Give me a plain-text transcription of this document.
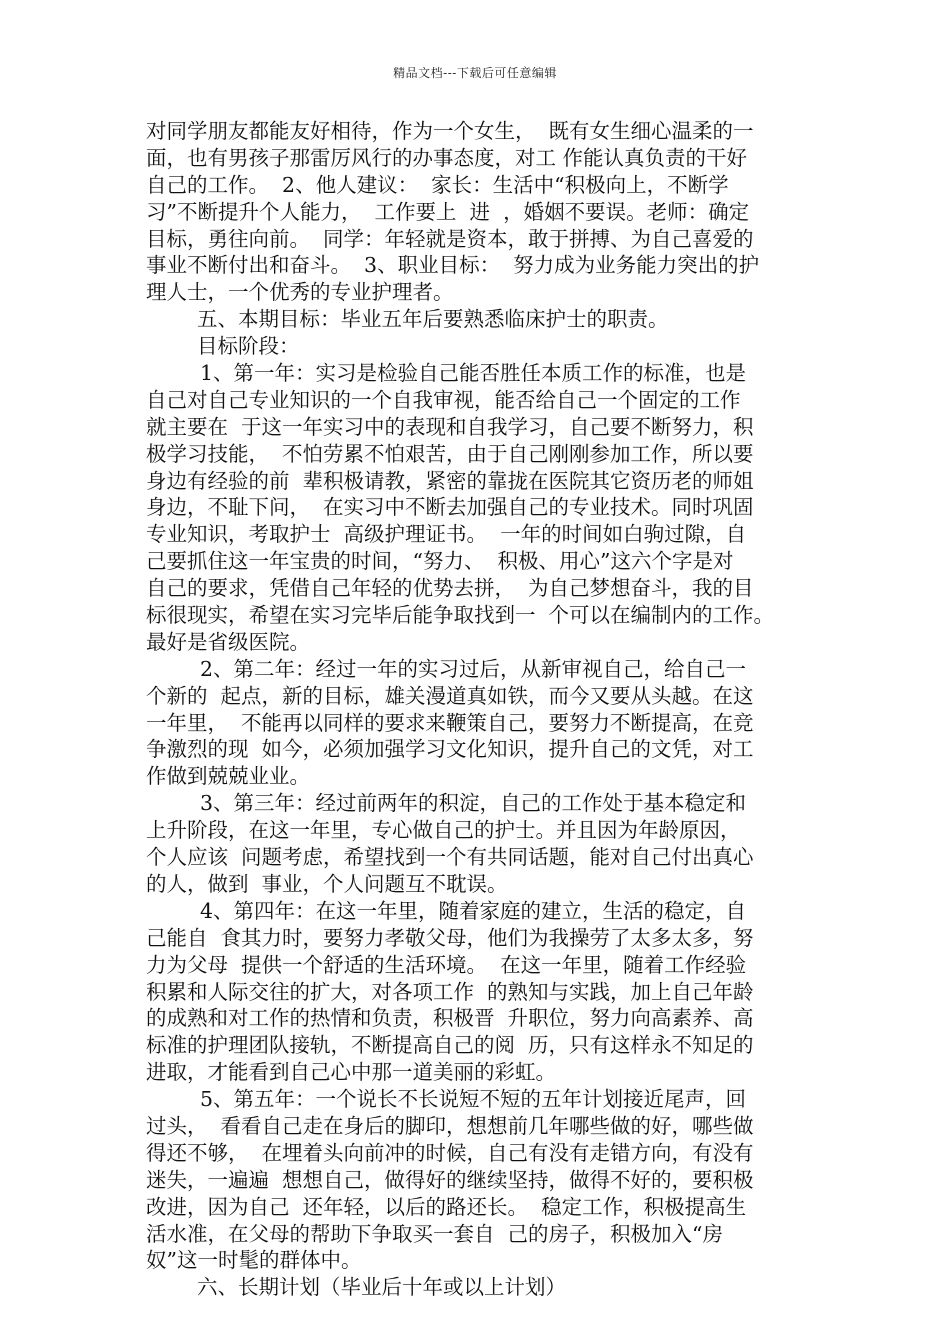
精品文档---下载后可任意编辑
对同学朋友都能友好相待，作为一个女生，  既有女生细心温柔的一
面，也有男孩子那雷厉风行的办事态度，对工 作能认真负责的干好
自己的工作。  2、他人建议：  家长：生活中“积极向上，不断学
习”不断提升个人能力，  工作要上  进  ，婚姻不要误。老师：确定
目标，勇往向前。  同学：年轻就是资本，敢于拼搏、为自己喜爱的
事业不断付出和奋斗。  3、职业目标：  努力成为业务能力突出的护
理人士，一个优秀的专业护理者。
五、本期目标：毕业五年后要熟悉临床护士的职责。
目标阶段：
1、第一年：实习是检验自己能否胜任本质工作的标准，也是
自己对自己专业知识的一个自我审视，能否给自己一个固定的工作
就主要在  于这一年实习中的表现和自我学习，自己要不断努力，积
极学习技能，  不怕劳累不怕艰苦，由于自己刚刚参加工作，所以要
身边有经验的前  辈积极请教，紧密的靠拢在医院其它资历老的师姐
身边，不耻下问，  在实习中不断去加强自己的专业技术。同时巩固
专业知识，考取护士  高级护理证书。  一年的时间如白驹过隙，自
己要抓住这一年宝贵的时间，“努力、  积极、用心”这六个字是对
自己的要求，凭借自己年轻的优势去拼，  为自己梦想奋斗，我的目
标很现实，希望在实习完毕后能争取找到一  个可以在编制内的工作。
最好是省级医院。
2、第二年：经过一年的实习过后，从新审视自己，给自己一
个新的  起点，新的目标，雄关漫道真如铁，而今又要从头越。在这
一年里，  不能再以同样的要求来鞭策自己，要努力不断提高，在竞
争激烈的现  如今，必须加强学习文化知识，提升自己的文凭，对工
作做到兢兢业业。
3、第三年：经过前两年的积淀，自己的工作处于基本稳定和
上升阶段，在这一年里，专心做自己的护士。并且因为年龄原因，
个人应该  问题考虑，希望找到一个有共同话题，能对自己付出真心
的人，做到  事业，个人问题互不耽误。
4、第四年：在这一年里，随着家庭的建立，生活的稳定，自
己能自  食其力时，要努力孝敬父母，他们为我操劳了太多太多，努
力为父母  提供一个舒适的生活环境。  在这一年里，随着工作经验
积累和人际交往的扩大，对各项工作  的熟知与实践，加上自己年龄
的成熟和对工作的热情和负责，积极晋  升职位，努力向高素养、高
标准的护理团队接轨，不断提高自己的阅  历，只有这样永不知足的
进取，才能看到自己心中那一道美丽的彩虹。
5、第五年：一个说长不长说短不短的五年计划接近尾声，回
过头，  看看自己走在身后的脚印，想想前几年哪些做的好，哪些做
得还不够，  在埋着头向前冲的时候，自己有没有走错方向，有没有
迷失，一遍遍  想想自己，做得好的继续坚持，做得不好的，要积极
改进，因为自己  还年轻，以后的路还长。  稳定工作，积极提高生
活水准，在父母的帮助下争取买一套自  己的房子，积极加入“房
奴”这一时髦的群体中。
六、长期计划（毕业后十年或以上计划）
